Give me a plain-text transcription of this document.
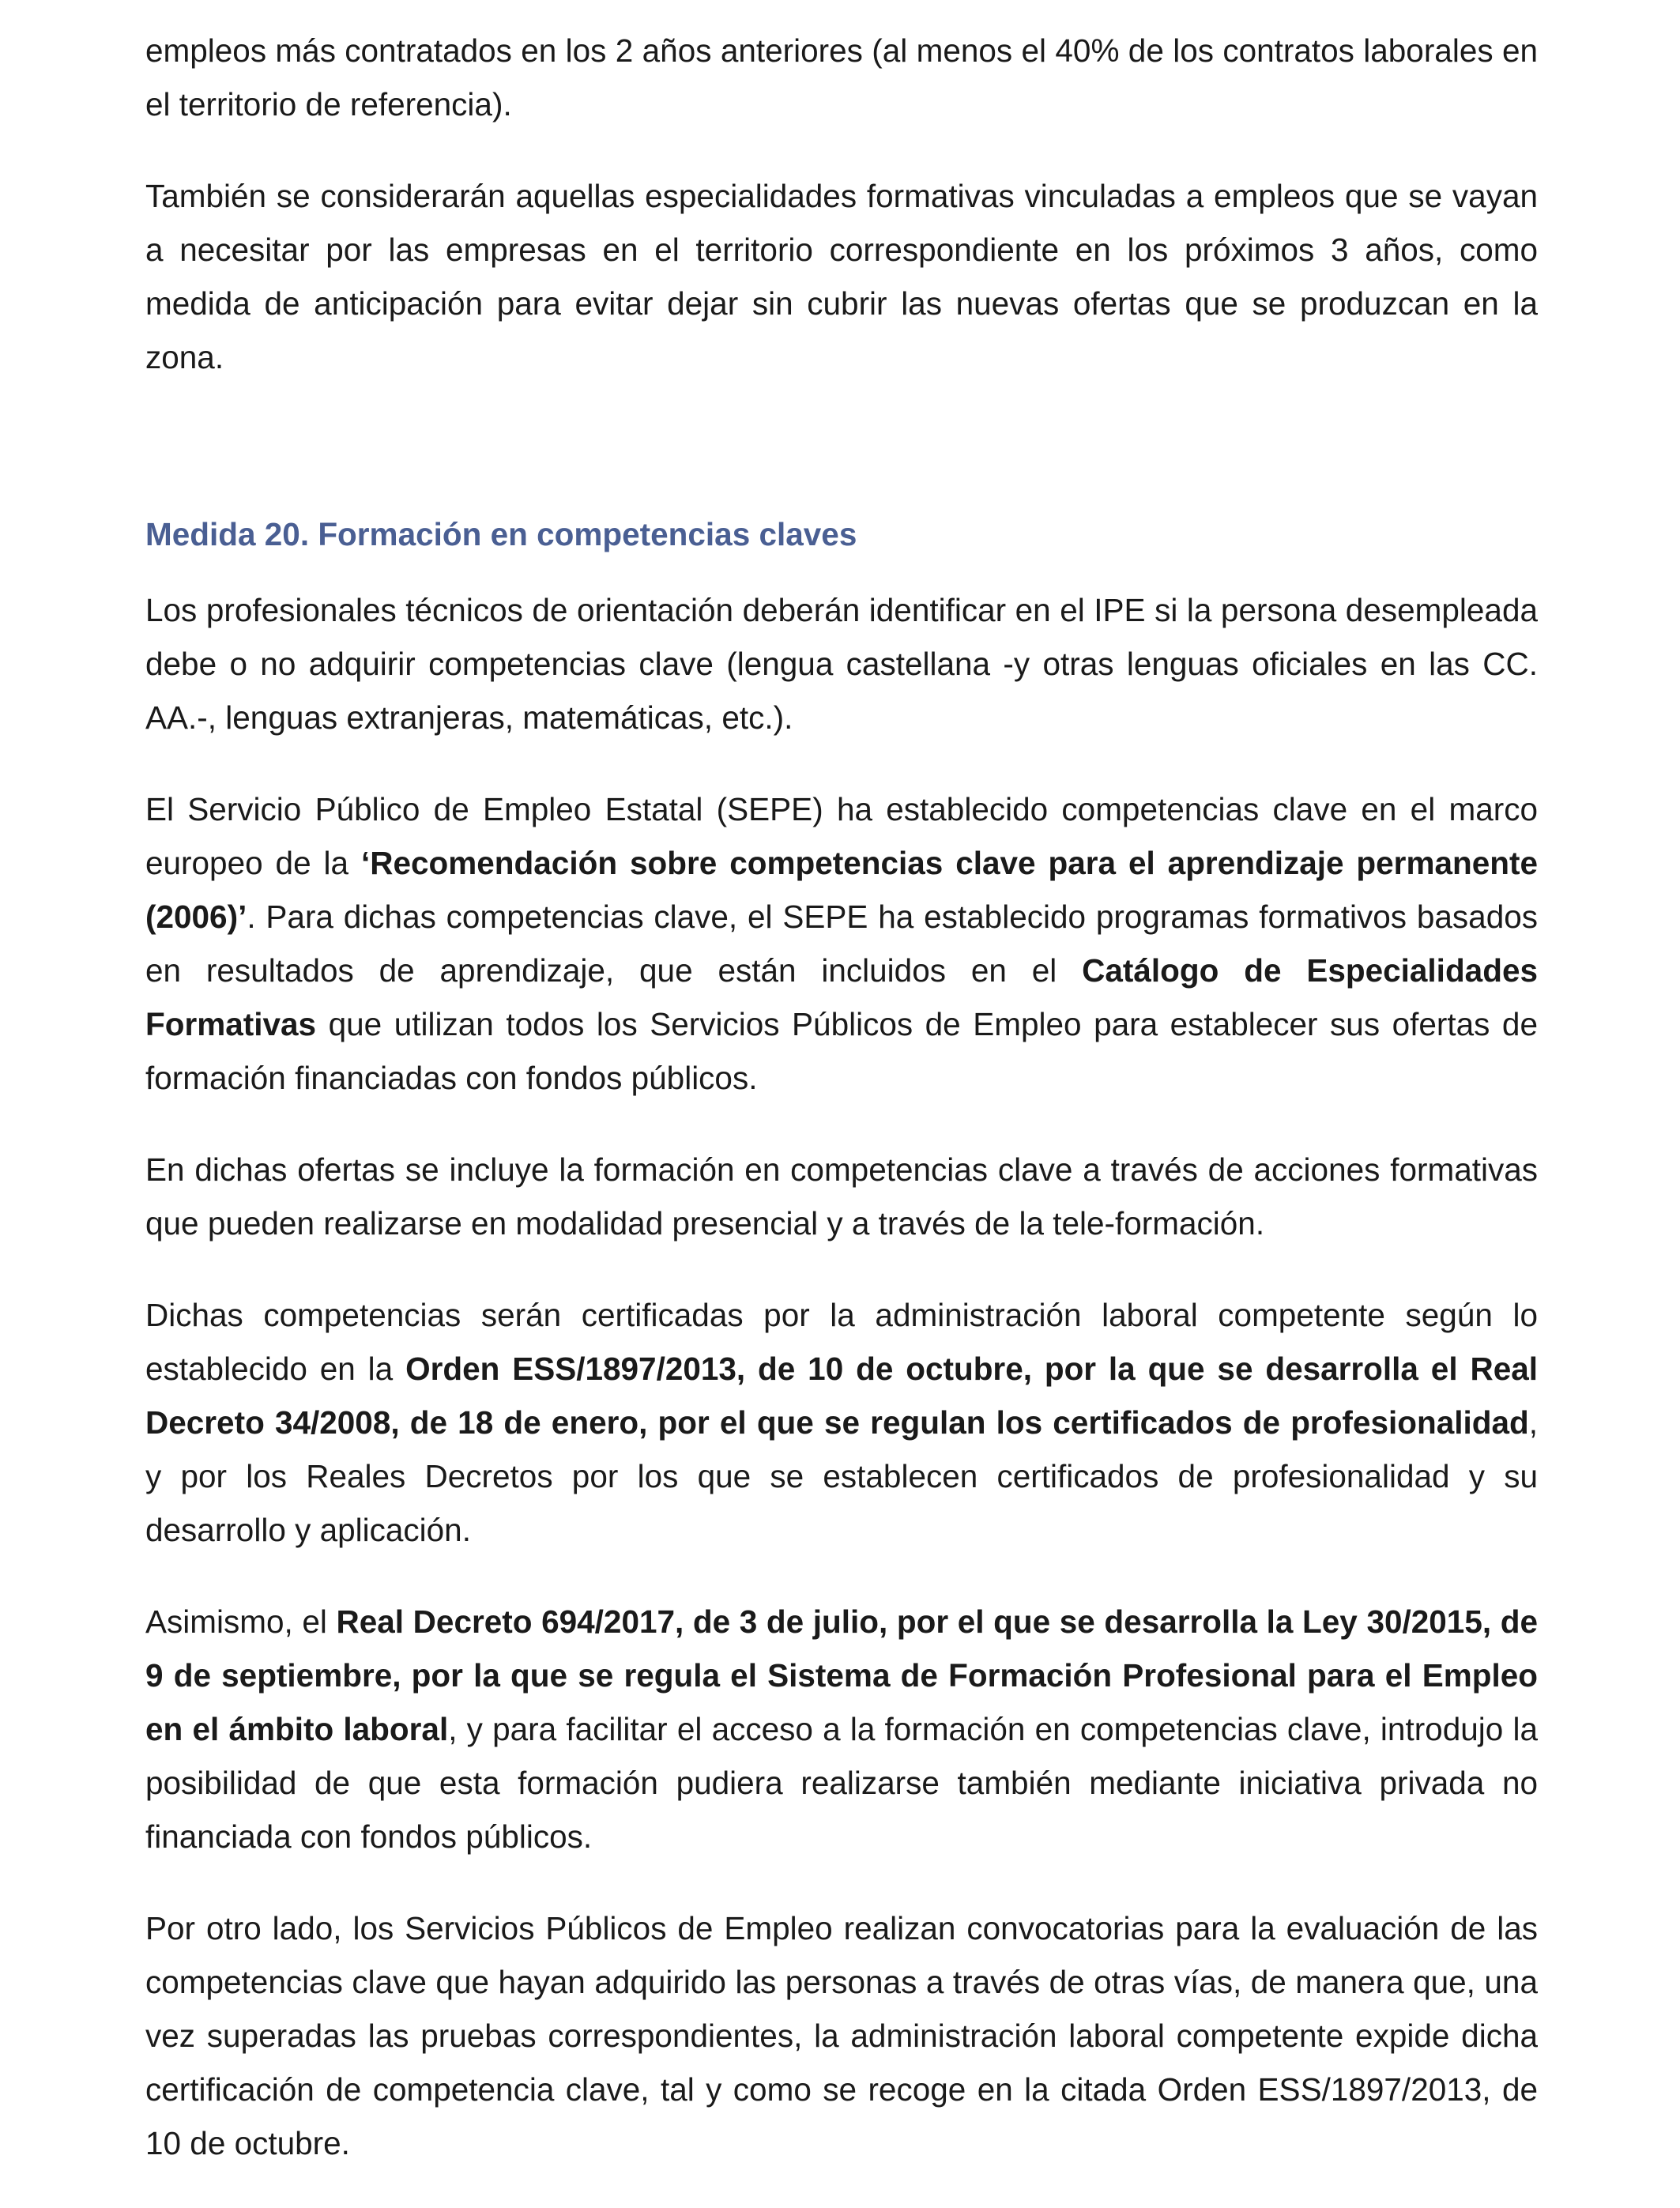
empleos más contratados en los 2 años anteriores (al menos el 40% de los contratos laborales en el territorio de referencia).

También se considerarán aquellas especialidades formativas vinculadas a empleos que se vayan a necesitar por las empresas en el territorio correspondiente en los próximos 3 años, como medida de anticipación para evitar dejar sin cubrir las nuevas ofertas que se produzcan en la zona.

Medida 20. Formación en competencias claves

Los profesionales técnicos de orientación deberán identificar en el IPE si la persona desempleada debe o no adquirir competencias clave (lengua castellana -y otras lenguas oficiales en las CC. AA.-, lenguas extranjeras, matemáticas, etc.).

El Servicio Público de Empleo Estatal (SEPE) ha establecido competencias clave en el marco europeo de la ‘Recomendación sobre competencias clave para el aprendizaje permanente (2006)’. Para dichas competencias clave, el SEPE ha establecido programas formativos basados en resultados de aprendizaje, que están incluidos en el Catálogo de Especialidades Formativas que utilizan todos los Servicios Públicos de Empleo para establecer sus ofertas de formación financiadas con fondos públicos.

En dichas ofertas se incluye la formación en competencias clave a través de acciones formativas que pueden realizarse en modalidad presencial y a través de la tele-formación.

Dichas competencias serán certificadas por la administración laboral competente según lo establecido en la Orden ESS/1897/2013, de 10 de octubre, por la que se desarrolla el Real Decreto 34/2008, de 18 de enero, por el que se regulan los certificados de profesionalidad, y por los Reales Decretos por los que se establecen certificados de profesionalidad y su desarrollo y aplicación.

Asimismo, el Real Decreto 694/2017, de 3 de julio, por el que se desarrolla la Ley 30/2015, de 9 de septiembre, por la que se regula el Sistema de Formación Profesional para el Empleo en el ámbito laboral, y para facilitar el acceso a la formación en competencias clave, introdujo la posibilidad de que esta formación pudiera realizarse también mediante iniciativa privada no financiada con fondos públicos.

Por otro lado, los Servicios Públicos de Empleo realizan convocatorias para la evaluación de las competencias clave que hayan adquirido las personas a través de otras vías, de manera que, una vez superadas las pruebas correspondientes, la administración laboral competente expide dicha certificación de competencia clave, tal y como se recoge en la citada Orden ESS/1897/2013, de 10 de octubre.
